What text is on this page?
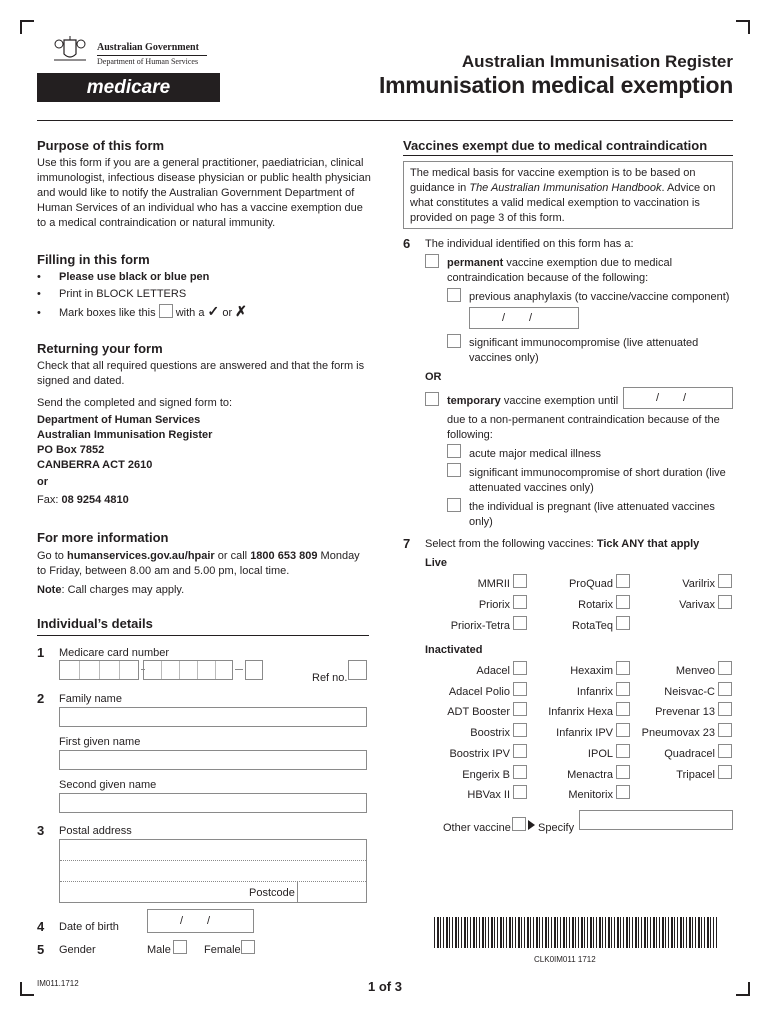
Australian Government
Department of Human Services
medicare
Australian Immunisation Register
Immunisation medical exemption
Purpose of this form
Use this form if you are a general practitioner, paediatrician, clinical immunologist, infectious disease physician or public health physician and would like to notify the Australian Government Department of Human Services of an individual who has a vaccine exemption due to a medical contraindication or natural immunity.
Filling in this form
• Please use black or blue pen
• Print in BLOCK LETTERS
• Mark boxes like this with a ✓ or ✗
Returning your form
Check that all required questions are answered and that the form is signed and dated.
Send the completed and signed form to:
Department of Human Services
Australian Immunisation Register
PO Box 7852
CANBERRA ACT 2610
or
Fax: 08 9254 4810
For more information
Go to humanservices.gov.au/hpair or call 1800 653 809 Monday
to Friday, between 8.00 am and 5.00 pm, local time.
Note: Call charges may apply.
Individual’s details
1 Medicare card number
Ref no.
2 Family name
First given name
Second given name
3 Postal address
Postcode
4 Date of birth	/ /
5 Gender	Male	Female
Vaccines exempt due to medical contraindication
The medical basis for vaccine exemption is to be based on guidance in The Australian Immunisation Handbook. Advice on what constitutes a valid medical exemption to vaccination is provided on page 3 of this form.
6 The individual identified on this form has a:
permanent vaccine exemption due to medical
contraindication because of the following:
previous anaphylaxis (to vaccine/vaccine component)
/ /
significant immunocompromise (live attenuated
vaccines only)
OR
temporary vaccine exemption until	/ /
due to a non-permanent contraindication because of the
following:
acute major medical illness
significant immunocompromise of short duration (live
attenuated vaccines only)
the individual is pregnant (live attenuated vaccines
only)
7 Select from the following vaccines: Tick ANY that apply
Live
MMRII	ProQuad	Varilrix
Priorix	Rotarix	Varivax
Priorix-Tetra	RotaTeq
Inactivated
Adacel	Hexaxim	Menveo
Adacel Polio	Infanrix	Neisvac-C
ADT Booster	Infanrix Hexa	Prevenar 13
Boostrix	Infanrix IPV	Pneumovax 23
Boostrix IPV	IPOL	Quadracel
Engerix B	Menactra	Tripacel
HBVax II	Menitorix
Other vaccine Specify
CLK0IM011 1712
IM011.1712	1 of 3
